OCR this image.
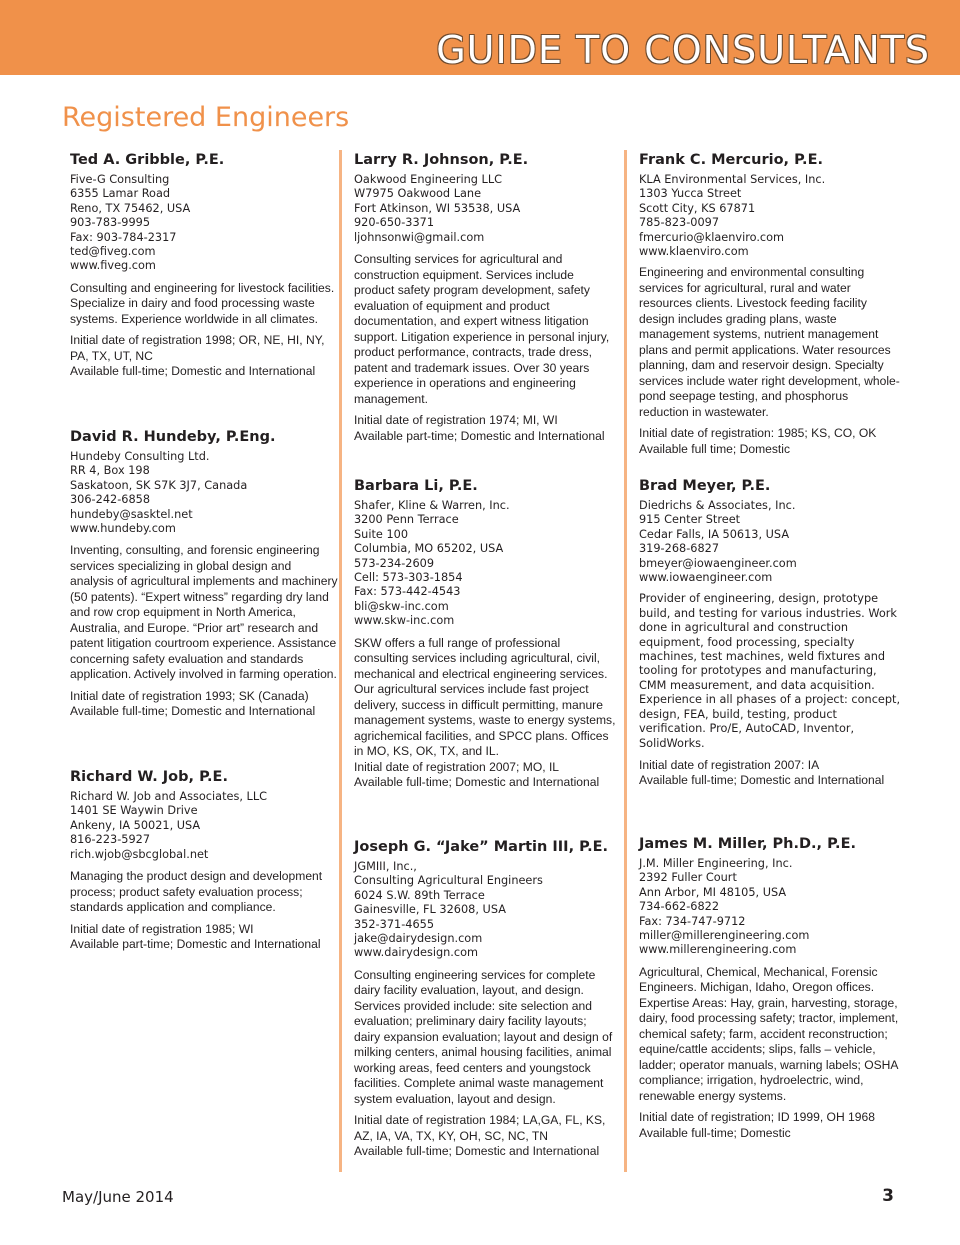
GUIDE TO CONSULTANTS
Registered Engineers
Ted A. Gribble, P.E.
Five-G Consulting
6355 Lamar Road
Reno, TX 75462, USA
903-783-9995
Fax: 903-784-2317
ted@fiveg.com
www.fiveg.com
Consulting and engineering for livestock facilities. Specialize in dairy and food processing waste systems. Experience worldwide in all climates.
Initial date of registration 1998; OR, NE, HI, NY, PA, TX, UT, NC
Available full-time; Domestic and International
David R. Hundeby, P.Eng.
Hundeby Consulting Ltd.
RR 4, Box 198
Saskatoon, SK S7K 3J7, Canada
306-242-6858
hundeby@sasktel.net
www.hundeby.com
Inventing, consulting, and forensic engineering services specializing in global design and analysis of agricultural implements and machinery (50 patents). “Expert witness” regarding dry land and row crop equipment in North America, Australia, and Europe. “Prior art” research and patent litigation courtroom experience. Assistance concerning safety evaluation and standards application. Actively involved in farming operation.
Initial date of registration 1993; SK (Canada)
Available full-time; Domestic and International
Richard W. Job, P.E.
Richard W. Job and Associates, LLC
1401 SE Waywin Drive
Ankeny, IA 50021, USA
816-223-5927
rich.wjob@sbcglobal.net
Managing the product design and development process; product safety evaluation process; standards application and compliance.
Initial date of registration 1985; WI
Available part-time; Domestic and International
Larry R. Johnson, P.E.
Oakwood Engineering LLC
W7975 Oakwood Lane
Fort Atkinson, WI 53538, USA
920-650-3371
ljohnsonwi@gmail.com
Consulting services for agricultural and construction equipment. Services include product safety program development, safety evaluation of equipment and product documentation, and expert witness litigation support. Litigation experience in personal injury, product performance, contracts, trade dress, patent and trademark issues. Over 30 years experience in operations and engineering management.
Initial date of registration 1974; MI, WI
Available part-time; Domestic and International
Barbara Li, P.E.
Shafer, Kline & Warren, Inc.
3200 Penn Terrace
Suite 100
Columbia, MO 65202, USA
573-234-2609
Cell: 573-303-1854
Fax: 573-442-4543
bli@skw-inc.com
www.skw-inc.com
SKW offers a full range of professional consulting services including agricultural, civil, mechanical and electrical engineering services. Our agricultural services include fast project delivery, success in difficult permitting, manure management systems, waste to energy systems, agrichemical facilities, and SPCC plans. Offices in MO, KS, OK, TX, and IL.
Initial date of registration 2007; MO, IL
Available full-time; Domestic and International
Joseph G. “Jake” Martin III, P.E.
JGMIII, Inc.,
Consulting Agricultural Engineers
6024 S.W. 89th Terrace
Gainesville, FL 32608, USA
352-371-4655
jake@dairydesign.com
www.dairydesign.com
Consulting engineering services for complete dairy facility evaluation, layout, and design. Services provided include: site selection and evaluation; preliminary dairy facility layouts; dairy expansion evaluation; layout and design of milking centers, animal housing facilities, animal working areas, feed centers and youngstock facilities. Complete animal waste management system evaluation, layout and design.
Initial date of registration 1984; LA,GA, FL, KS, AZ, IA, VA, TX, KY, OH, SC, NC, TN
Available full-time; Domestic and International
Frank C. Mercurio, P.E.
KLA Environmental Services, Inc.
1303 Yucca Street
Scott City, KS 67871
785-823-0097
fmercurio@klaenviro.com
www.klaenviro.com
Engineering and environmental consulting services for agricultural, rural and water resources clients. Livestock feeding facility design includes grading plans, waste management systems, nutrient management plans and permit applications. Water resources planning, dam and reservoir design. Specialty services include water right development, whole-pond seepage testing, and phosphorus reduction in wastewater.
Initial date of registration: 1985; KS, CO, OK
Available full time; Domestic
Brad Meyer, P.E.
Diedrichs & Associates, Inc.
915 Center Street
Cedar Falls, IA 50613, USA
319-268-6827
bmeyer@iowaengineer.com
www.iowaengineer.com
Provider of engineering, design, prototype build, and testing for various industries. Work done in agricultural and construction equipment, food processing, specialty machines, test machines, weld fixtures and tooling for prototypes and manufacturing, CMM measurement, and data acquisition. Experience in all phases of a project: concept, design, FEA, build, testing, product verification. Pro/E, AutoCAD, Inventor, SolidWorks.
Initial date of registration 2007: IA
Available full-time; Domestic and International
James M. Miller, Ph.D., P.E.
J.M. Miller Engineering, Inc.
2392 Fuller Court
Ann Arbor, MI 48105, USA
734-662-6822
Fax: 734-747-9712
miller@millerengineering.com
www.millerengineering.com
Agricultural, Chemical, Mechanical, Forensic Engineers. Michigan, Idaho, Oregon offices. Expertise Areas: Hay, grain, harvesting, storage, dairy, food processing safety; tractor, implement, chemical safety; farm, accident reconstruction; equine/cattle accidents; slips, falls – vehicle, ladder; operator manuals, warning labels; OSHA compliance; irrigation, hydroelectric, wind, renewable energy systems.
Initial date of registration; ID 1999, OH 1968
Available full-time; Domestic
May/June 2014	3
